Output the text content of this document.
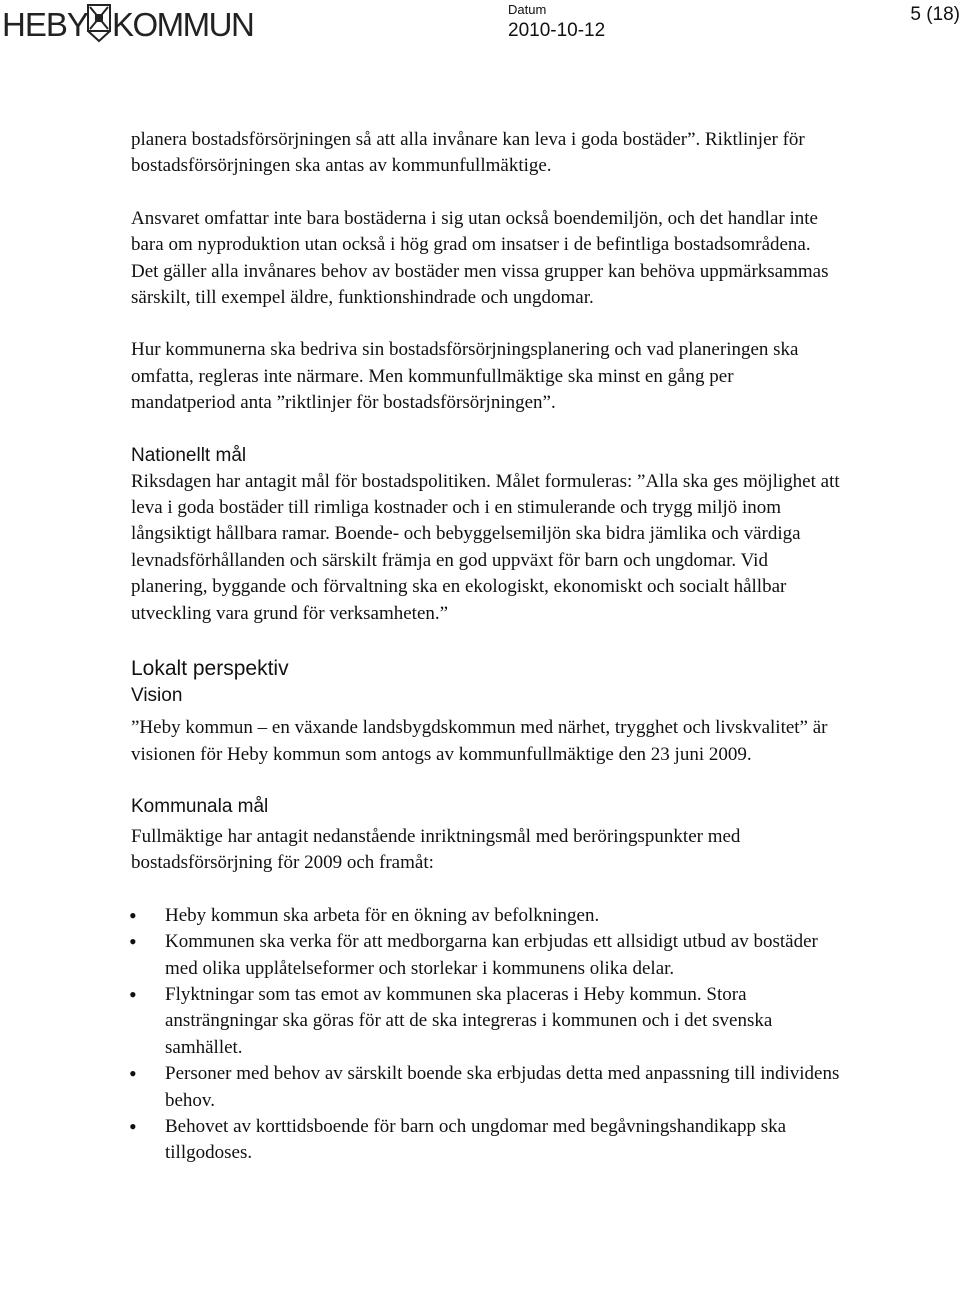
HEBY KOMMUN	Datum
2010-10-12
5 (18)

planera bostadsförsörjningen så att alla invånare kan leva i goda bostäder”. Riktlinjer för bostadsförsörjningen ska antas av kommunfullmäktige.

Ansvaret omfattar inte bara bostäderna i sig utan också boendemiljön, och det handlar inte bara om nyproduktion utan också i hög grad om insatser i de befintliga bostadsområdena. Det gäller alla invånares behov av bostäder men vissa grupper kan behöva uppmärksammas särskilt, till exempel äldre, funktionshindrade och ungdomar.

Hur kommunerna ska bedriva sin bostadsförsörjningsplanering och vad planeringen ska omfatta, regleras inte närmare. Men kommunfullmäktige ska minst en gång per mandatperiod anta ”riktlinjer för bostadsförsörjningen”.

Nationellt mål

Riksdagen har antagit mål för bostadspolitiken. Målet formuleras: ”Alla ska ges möjlighet att leva i goda bostäder till rimliga kostnader och i en stimulerande och trygg miljö inom långsiktigt hållbara ramar. Boende- och bebyggelsemiljön ska bidra jämlika och värdiga levnadsförhållanden och särskilt främja en god uppväxt för barn och ungdomar. Vid planering, byggande och förvaltning ska en ekologiskt, ekonomiskt och socialt hållbar utveckling vara grund för verksamheten.”

Lokalt perspektiv
Vision

”Heby kommun – en växande landsbygdskommun med närhet, trygghet och livskvalitet” är visionen för Heby kommun som antogs av kommunfullmäktige den 23 juni 2009.

Kommunala mål

Fullmäktige har antagit nedanstående inriktningsmål med beröringspunkter med bostadsförsörjning för 2009 och framåt:

• Heby kommun ska arbeta för en ökning av befolkningen.
• Kommunen ska verka för att medborgarna kan erbjudas ett allsidigt utbud av bostäder med olika upplåtelseformer och storlekar i kommunens olika delar.
• Flyktningar som tas emot av kommunen ska placeras i Heby kommun. Stora ansträngningar ska göras för att de ska integreras i kommunen och i det svenska samhället.
• Personer med behov av särskilt boende ska erbjudas detta med anpassning till individens behov.
• Behovet av korttidsboende för barn och ungdomar med begåvningshandikapp ska tillgodoses.
